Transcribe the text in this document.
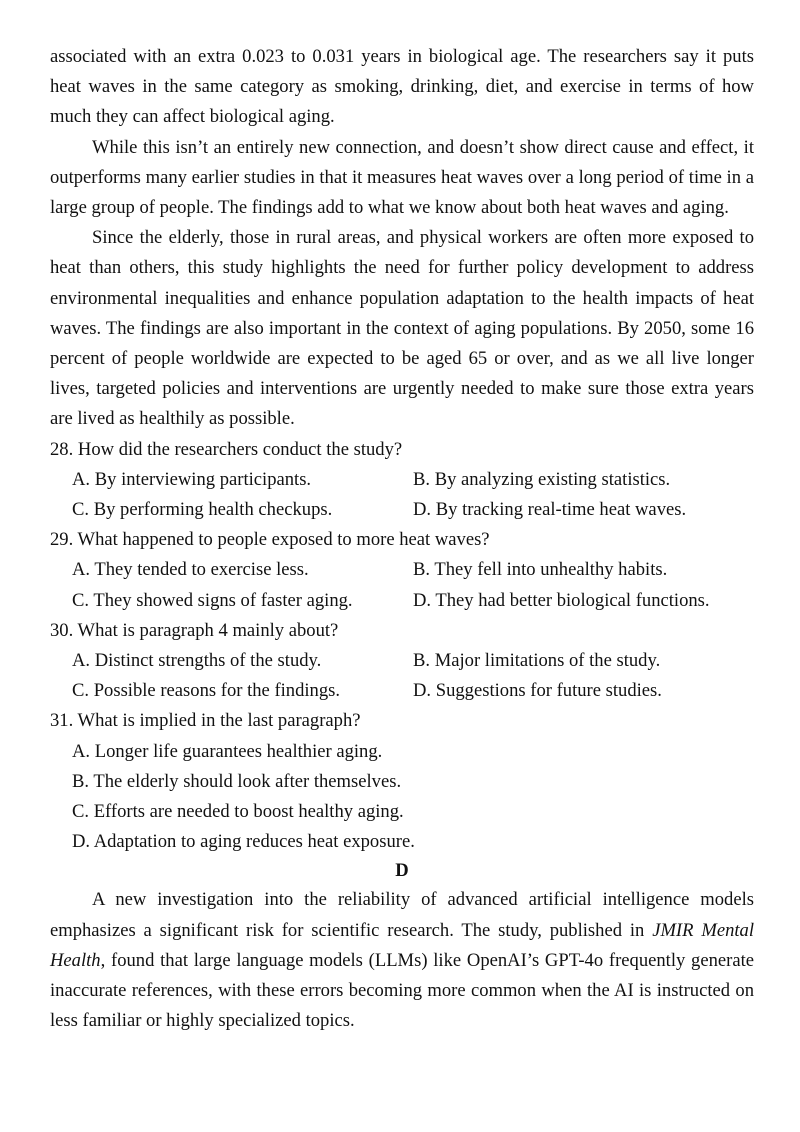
associated with an extra 0.023 to 0.031 years in biological age. The researchers say it puts heat waves in the same category as smoking, drinking, diet, and exercise in terms of how much they can affect biological aging.

While this isn’t an entirely new connection, and doesn’t show direct cause and effect, it outperforms many earlier studies in that it measures heat waves over a long period of time in a large group of people. The findings add to what we know about both heat waves and aging.

Since the elderly, those in rural areas, and physical workers are often more exposed to heat than others, this study highlights the need for further policy development to address environmental inequalities and enhance population adaptation to the health impacts of heat waves. The findings are also important in the context of aging populations. By 2050, some 16 percent of people worldwide are expected to be aged 65 or over, and as we all live longer lives, targeted policies and interventions are urgently needed to make sure those extra years are lived as healthily as possible.

28. How did the researchers conduct the study?

A. By interviewing participants.	B. By analyzing existing statistics.
C. By performing health checkups.	D. By tracking real-time heat waves.

29. What happened to people exposed to more heat waves?

A. They tended to exercise less.	B. They fell into unhealthy habits.
C. They showed signs of faster aging.	D. They had better biological functions.

30. What is paragraph 4 mainly about?

A. Distinct strengths of the study.	B. Major limitations of the study.
C. Possible reasons for the findings.	D. Suggestions for future studies.

31. What is implied in the last paragraph?

A. Longer life guarantees healthier aging.
B. The elderly should look after themselves.
C. Efforts are needed to boost healthy aging.
D. Adaptation to aging reduces heat exposure.

D

A new investigation into the reliability of advanced artificial intelligence models emphasizes a significant risk for scientific research. The study, published in JMIR Mental Health, found that large language models (LLMs) like OpenAI’s GPT-4o frequently generate inaccurate references, with these errors becoming more common when the AI is instructed on less familiar or highly specialized topics.
